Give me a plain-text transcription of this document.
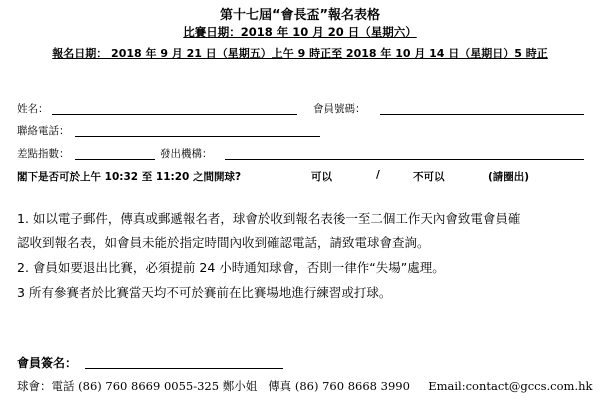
第十七屆“會長盃”報名表格
比賽日期：2018 年 10 月 20 日（星期六）
報名日期： 2018 年 9 月 21 日（星期五）上午 9 時正至 2018 年 10 月 14 日（星期日）5 時正
姓名：	會員號碼：
聯絡電話：
差點指數：	發出機構：
閣下是否可於上午 10:32 至 11:20 之間開球?	可以	/	不可以	(請圈出)
1. 如以電子郵件，傳真或郵遞報名者，球會於收到報名表後一至二個工作天內會致電會員確
認收到報名表，如會員未能於指定時間內收到確認電話，請致電球會查詢。
2. 會員如要退出比賽，必須提前 24 小時通知球會，否則一律作“失場”處理。
3 所有參賽者於比賽當天均不可於賽前在比賽場地進行練習或打球。
會員簽名：
球會：電話 (86) 760 8669 0055-325 鄭小姐 傳真 (86) 760 8668 3990 Email:contact@gccs.com.hk
